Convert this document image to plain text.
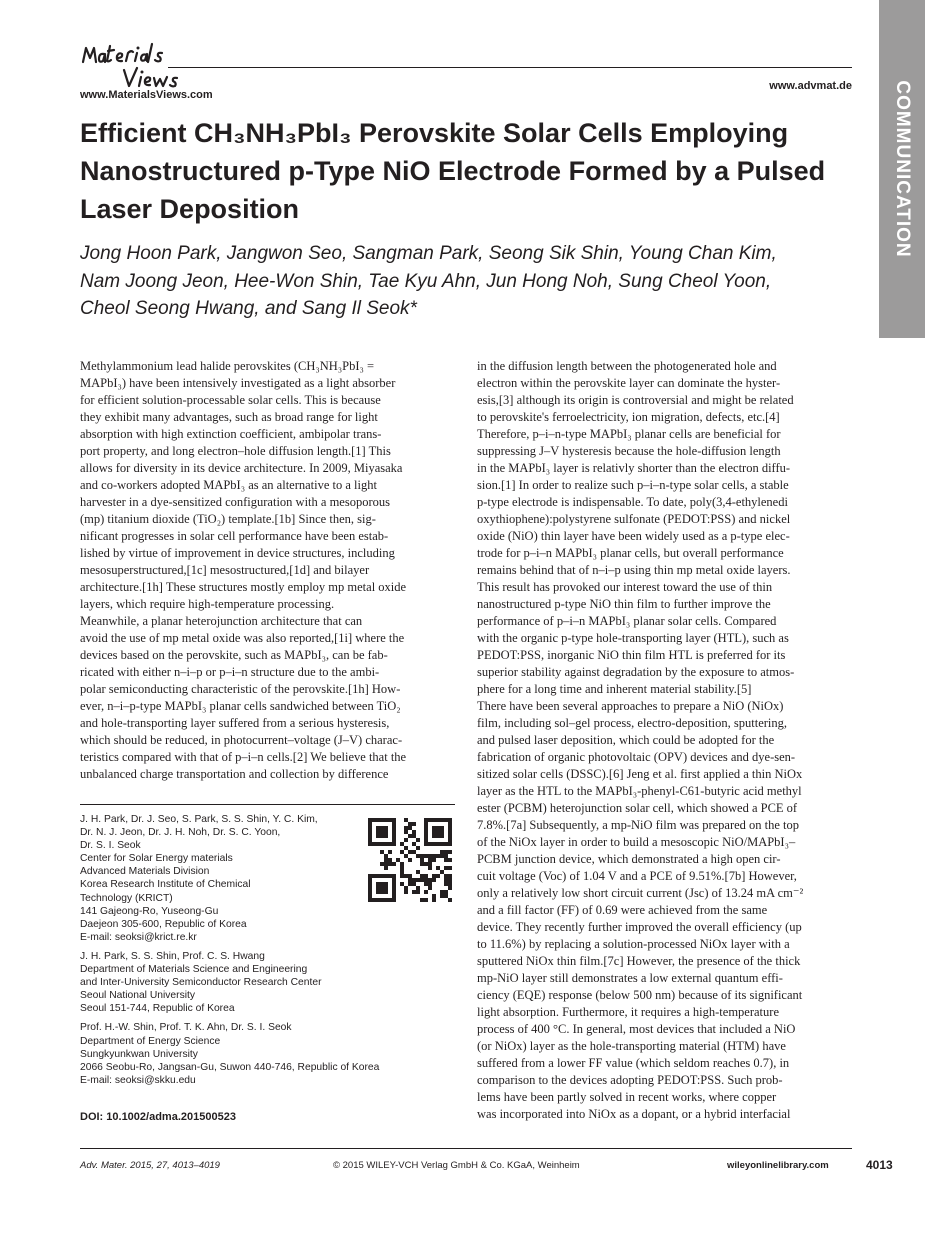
www.MaterialsViews.com
www.advmat.de COMMUNICATION
Efficient CH₃NH₃PbI₃ Perovskite Solar Cells Employing
Nanostructured p-Type NiO Electrode Formed by a Pulsed
Laser Deposition
Jong Hoon Park, Jangwon Seo, Sangman Park, Seong Sik Shin, Young Chan Kim,
Nam Joong Jeon, Hee-Won Shin, Tae Kyu Ahn, Jun Hong Noh, Sung Cheol Yoon,
Cheol Seong Hwang, and Sang Il Seok*
Methylammonium lead halide perovskites (CH₃NH₃PbI₃ =
MAPbI₃) have been intensively investigated as a light absorber
for efficient solution-processable solar cells. This is because
they exhibit many advantages, such as broad range for light
absorption with high extinction coefficient, ambipolar trans-
port property, and long electron–hole diffusion length.[1] This
allows for diversity in its device architecture. In 2009, Miyasaka
and co-workers adopted MAPbI₃ as an alternative to a light
harvester in a dye-sensitized configuration with a mesoporous
(mp) titanium dioxide (TiO₂) template.[1b] Since then, sig-
nificant progresses in solar cell performance have been estab-
lished by virtue of improvement in device structures, including
mesosuperstructured,[1c] mesostructured,[1d] and bilayer
architecture.[1h] These structures mostly employ mp metal oxide
layers, which require high-temperature processing.
Meanwhile, a planar heterojunction architecture that can
avoid the use of mp metal oxide was also reported,[1i] where the
devices based on the perovskite, such as MAPbI₃, can be fab-
ricated with either n–i–p or p–i–n structure due to the ambi-
polar semiconducting characteristic of the perovskite.[1h] How-
ever, n–i–p-type MAPbI₃ planar cells sandwiched between TiO₂
and hole-transporting layer suffered from a serious hysteresis,
which should be reduced, in photocurrent–voltage (J–V) charac-
teristics compared with that of p–i–n cells.[2] We believe that the
unbalanced charge transportation and collection by difference
in the diffusion length between the photogenerated hole and
electron within the perovskite layer can dominate the hyster-
esis,[3] although its origin is controversial and might be related
to perovskite's ferroelectricity, ion migration, defects, etc.[4]
Therefore, p–i–n-type MAPbI₃ planar cells are beneficial for
suppressing J–V hysteresis because the hole-diffusion length
in the MAPbI₃ layer is relativly shorter than the electron diffu-
sion.[1] In order to realize such p–i–n-type solar cells, a stable
p-type electrode is indispensable. To date, poly(3,4-ethylenedi
oxythiophene):polystyrene sulfonate (PEDOT:PSS) and nickel
oxide (NiO) thin layer have been widely used as a p-type elec-
trode for p–i–n MAPbI₃ planar cells, but overall performance
remains behind that of n–i–p using thin mp metal oxide layers.
This result has provoked our interest toward the use of thin
nanostructured p-type NiO thin film to further improve the
performance of p–i–n MAPbI₃ planar solar cells. Compared
with the organic p-type hole-transporting layer (HTL), such as
PEDOT:PSS, inorganic NiO thin film HTL is preferred for its
superior stability against degradation by the exposure to atmos-
phere for a long time and inherent material stability.[5]
There have been several approaches to prepare a NiO (NiOx)
film, including sol–gel process, electro-deposition, sputtering,
and pulsed laser deposition, which could be adopted for the
fabrication of organic photovoltaic (OPV) devices and dye-sen-
sitized solar cells (DSSC).[6] Jeng et al. first applied a thin NiOx
layer as the HTL to the MAPbI₃-phenyl-C61-butyric acid methyl
ester (PCBM) heterojunction solar cell, which showed a PCE of
7.8%.[7a] Subsequently, a mp-NiO film was prepared on the top
of the NiOx layer in order to build a mesoscopic NiO/MAPbI₃–
PCBM junction device, which demonstrated a high open cir-
cuit voltage (Voc) of 1.04 V and a PCE of 9.51%.[7b] However,
only a relatively low short circuit current (Jsc) of 13.24 mA cm⁻²
and a fill factor (FF) of 0.69 were achieved from the same
device. They recently further improved the overall efficiency (up
to 11.6%) by replacing a solution-processed NiOx layer with a
sputtered NiOx thin film.[7c] However, the presence of the thick
mp-NiO layer still demonstrates a low external quantum effi-
ciency (EQE) response (below 500 nm) because of its significant
light absorption. Furthermore, it requires a high-temperature
process of 400 °C. In general, most devices that included a NiO
(or NiOx) layer as the hole-transporting material (HTM) have
suffered from a lower FF value (which seldom reaches 0.7), in
comparison to the devices adopting PEDOT:PSS. Such prob-
lems have been partly solved in recent works, where copper
was incorporated into NiOx as a dopant, or a hybrid interfacial
J. H. Park, Dr. J. Seo, S. Park, S. S. Shin, Y. C. Kim,
Dr. N. J. Jeon, Dr. J. H. Noh, Dr. S. C. Yoon,
Dr. S. I. Seok
Center for Solar Energy materials
Advanced Materials Division
Korea Research Institute of Chemical
Technology (KRICT)
141 Gajeong-Ro, Yuseong-Gu
Daejeon 305-600, Republic of Korea
E-mail: seoksi@krict.re.kr
J. H. Park, S. S. Shin, Prof. C. S. Hwang
Department of Materials Science and Engineering
and Inter-University Semiconductor Research Center
Seoul National University
Seoul 151-744, Republic of Korea
Prof. H.-W. Shin, Prof. T. K. Ahn, Dr. S. I. Seok
Department of Energy Science
Sungkyunkwan University
2066 Seobu-Ro, Jangsan-Gu, Suwon 440-746, Republic of Korea
E-mail: seoksi@skku.edu
DOI: 10.1002/adma.201500523
Adv. Mater. 2015, 27, 4013–4019	© 2015 WILEY-VCH Verlag GmbH & Co. KGaA, Weinheim	wileyonlinelibrary.com	4013
